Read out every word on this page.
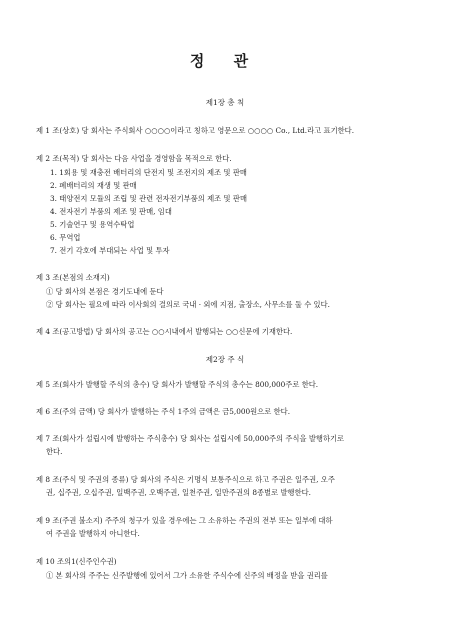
정 관
제1장 총 칙
제 1 조(상호) 당 회사는 주식회사 ○○○○이라고 칭하고 영문으로 ○○○○ Co., Ltd.라고 표기한다.
제 2 조(목적) 당 회사는 다음 사업을 경영함을 목적으로 한다.
1. 1회용 및 재충전 배터리의 단전지 및 조전지의 제조 및 판매
2. 폐배터리의 재생 및 판매
3. 태양전지 모듈의 조립 및 관련 전자전기부품의 제조 및 판매
4. 전자전기 부품의 제조 및 판매, 임대
5. 기술연구 및 용역수탁업
6. 무역업
7. 전기 각호에 부대되는 사업 및 투자
제 3 조(본점의 소재지)
① 당 회사의 본점은 경기도내에 둔다
② 당 회사는 필요에 따라 이사회의 결의로 국내 · 외에 지점, 출장소, 사무소를 둘 수 있다.
제 4 조(공고방법) 당 회사의 공고는 ○○시내에서 발행되는 ○○신문에 기재한다.
제2장 주 식
제 5 조(회사가 발행할 주식의 총수) 당 회사가 발행할 주식의 총수는 800,000주로 한다.
제 6 조(주의 금액) 당 회사가 발행하는 주식 1주의 금액은 금5,000원으로 한다.
제 7 조(회사가 설립시에 발행하는 주식총수) 당 회사는 설립시에 50,000주의 주식을 발행하기로
한다.
제 8 조(주식 및 주권의 종류) 당 회사의 주식은 기명식 보통주식으로 하고 주권은 일주권, 오주
권, 십주권, 오십주권, 일백주권, 오백주권, 일천주권, 일만주권의 8종별로 발행한다.
제 9 조(주권 불소지) 주주의 청구가 있을 경우에는 그 소유하는 주권의 전부 또는 일부에 대하
여 주권을 발행하지 아니한다.
제 10 조의1(신주인수권)
① 본 회사의 주주는 신주발행에 있어서 그가 소유한 주식수에 신주의 배정을 받을 권리를
